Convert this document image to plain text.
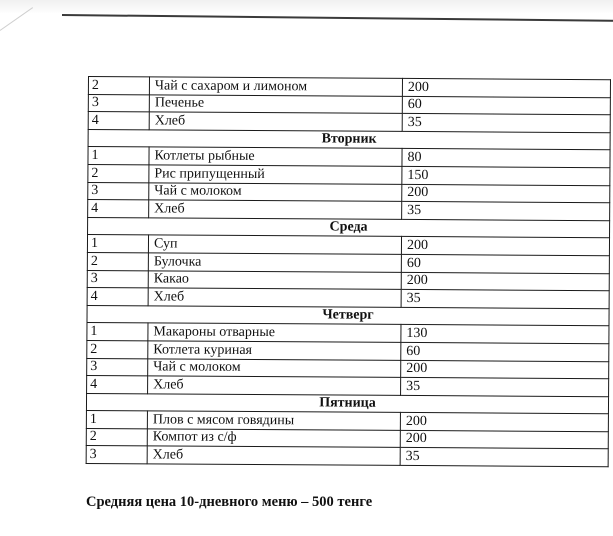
2	Чай с сахаром и лимоном	200
3	Печенье	60
4	Хлеб	35
Вторник		
1	Котлеты рыбные	80
2	Рис припущенный	150
3	Чай с молоком	200
4	Хлеб	35
Среда		
1	Суп	200
2	Булочка	60
3	Какао	200
4	Хлеб	35
Четверг		
1	Макароны отварные	130
2	Котлета куриная	60
3	Чай с молоком	200
4	Хлеб	35
Пятница		
1	Плов с мясом говядины	200
2	Компот из с/ф	200
3	Хлеб	35
Средняя цена 10-дневного меню – 500 тенге
